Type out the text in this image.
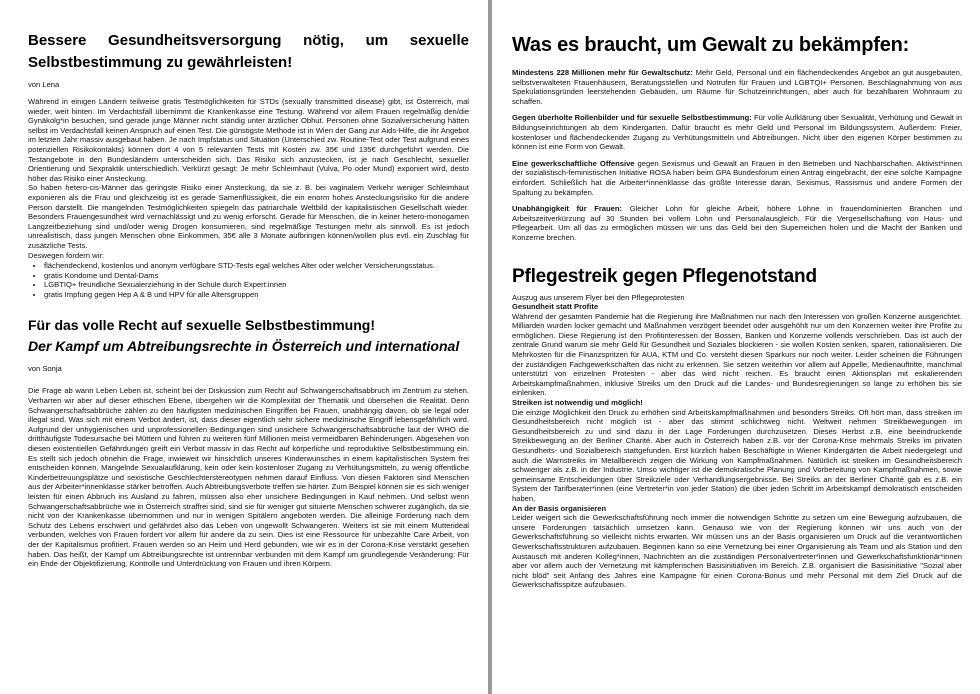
Bessere Gesundheitsversorgung nötig, um sexuelle
Selbstbestimmung zu gewährleisten!
von Lena

Während in einigen Ländern teilweise gratis Testmöglichkeiten für STDs (sexually transmitted disease) gibt, ist Österreich, mal wieder, weit hinten. Im Verdachtsfall übernimmt die Krankenkasse eine Testung. Während vor allem Frauen regelmäßig den/die Gynäkolg*in besuchen, sind gerade junge Männer nicht ständig unter ärztlicher Obhut. Personen ohne Sozialversicherung hätten selbst im Verdachtsfall keinen Anspruch auf einen Test. Die günstigste Methode ist in Wien der Gang zur Aids-Hilfe, die ihr Angebot im letzten Jahr massiv ausgebaut haben. Je nach Impfstatus und Situation (Unterschied zw. Routine-Test oder Test aufgrund eines potenziellen Risikokontakts) können dort 4 von 5 relevanten Tests mit Kosten zw. 35€ und 135€ durchgeführt werden. Die Testangebote in den Bundesländern unterscheiden sich. Das Risiko sich anzustecken, ist je nach Geschlecht, sexueller Orientierung und Sexpraktik unterschiedlich. Verkürzt gesagt: Je mehr Schleimhaut (Vulva, Po oder Mund) exponiert wird, desto höher das Risiko einer Ansteckung.

So haben hetero-cis-Männer das geringste Risiko einer Ansteckung, da sie z. B. bei vaginalem Verkehr weniger Schleimhaut exponieren als die Frau und gleichzeitig ist es gerade Samenflüssigkeit, die ein enorm hohes Ansteckungsrisiko für die andere Person darstellt. Die mangelnden Testmöglichkeiten spiegeln das patriarchale Weltbild der kapitalistischen Gesellschaft wieder. Besonders Frauengesundheit wird vernachlässigt und zu wenig erforscht. Gerade für Menschen, die in keiner hetero-monogamen Langzeitbeziehung sind und/oder wenig Drogen konsumieren, sind regelmäßige Testungen mehr als sinnvoll. Es ist jedoch unrealistisch, dass jungen Menschen ohne Einkommen, 35€ alle 3 Monate aufbringen können/wollen plus evtl. ein Zuschlag für zusätzliche Tests.

Deswegen fordern wir:

• flächendeckend, kostenlos und anonym verfügbare STD-Tests egal welches Alter oder welcher Versicherungsstatus.
• gratis Kondome und Dental-Dams
• LGBTIQ+ freundliche Sexualerziehung in der Schule durch Expert:innen
• gratis Impfung gegen Hep A & B und HPV für alle Altersgruppen
Für das volle Recht auf sexuelle Selbstbestimmung!
Der Kampf um Abtreibungsrechte in Österreich und international
von Sonja

Die Frage ab wann Leben Leben ist, scheint bei der Diskussion zum Recht auf Schwangerschaftsabbruch im Zentrum zu stehen. Verharren wir aber auf dieser ethischen Ebene, übergehen wir die Komplexität der Thematik und übersehen die Realität. Denn Schwangerschaftsabbrüche zählen zu den häufigsten medizinischen Eingriffen bei Frauen, unabhängig davon, ob sie legal oder illegal sind. Was sich mit einem Verbot ändert, ist, dass dieser eigentlich sehr sichere medizinische Eingriff lebensgefährlich wird. Aufgrund der unhygienischen und unprofessionellen Bedingungen sind unsichere Schwangerschaftsabbrüche laut der WHO die dritthäufigste Todesursache bei Müttern und führen zu weiteren fünf Millionen meist vermeidbaren Behinderungen. Abgesehen von diesen existentiellen Gefährdungen greift ein Verbot massiv in das Recht auf körperliche und reproduktive Selbstbestimmung ein. Es stellt sich jedoch ohnehin die Frage, inwieweit wir hinsichtlich unseres Kinderwunsches in einem kapitalistischen System frei entscheiden können. Mangelnde Sexualaufklärung, kein oder kein kostenloser Zugang zu Verhütungsmitteln, zu wenig öffentliche Kinderbetreuungsplätze und sexistische Geschlechterstereotypen nehmen darauf Einfluss. Von diesen Faktoren sind Menschen aus der Arbeiter*innenklasse stärker betroffen. Auch Abtreibungsverbote treffen sie härter. Zum Beispiel können sie es sich weniger leisten für einen Abbruch ins Ausland zu fahren, müssen also eher unsichere Bedingungen in Kauf nehmen. Und selbst wenn Schwangerschaftsabbrüche wie in Österreich straffrei sind, sind sie für weniger gut situierte Menschen schwerer zugänglich, da sie nicht von der Krankenkasse übernommen und nur in wenigen Spitälern angeboten werden. Die alleinige Forderung nach dem Schutz des Lebens erschwert und gefährdet also das Leben von ungewollt Schwangeren. Weiters ist sie mit einem Mutterideal verbunden, welches von Frauen fordert vor allem für andere da zu sein. Dies ist eine Ressource für unbezahlte Care Arbeit, von der der Kapitalismus profitiert. Frauen werden so an Heim und Herd gebunden, wie wir es in der Corona-Krise verstärkt gesehen haben. Das heißt, der Kampf um Abtreibungsrechte ist untrennbar verbunden mit dem Kampf um grundlegende Veränderung: Für ein Ende der Objektifizierung, Kontrolle und Unterdrückung von Frauen und ihren Körpern.

Was es braucht, um Gewalt zu bekämpfen:

Mindestens 228 Millionen mehr für Gewaltschutz: Mehr Geld, Personal und ein flächendeckendes Angebot an gut ausgebauten, selbstverwalteten Frauenhäusern, Beratungsstellen und Notrufen für Frauen und LGBTQI+ Personen. Beschlagnahmung von aus Spekulationsgründen leerstehenden Gebäuden, um Räume für Schutzeinrichtungen, aber auch für bezahlbaren Wohnraum zu schaffen.

Gegen überholte Rollenbilder und für sexuelle Selbstbestimmung: Für volle Aufklärung über Sexualität, Verhütung und Gewalt in Bildungseinrichtungen ab dem Kindergarten. Dafür braucht es mehr Geld und Personal im Bildungssystem. Außerdem: Freier, kostenloser und flächendeckender Zugang zu Verhütungsmitteln und Abtreibungen. Nicht über den eigenen Körper bestimmen zu können ist eine Form von Gewalt.

Eine gewerkschaftliche Offensive gegen Sexismus und Gewalt an Frauen in den Betrieben und Nachbarschaften. Aktivist*innen der sozialistisch-feministischen Initiative ROSA haben beim GPA Bundesforum einen Antrag eingebracht, der eine solche Kampagne einfordert. Schließlich hat die Arbeiter*innenklasse das größte Interesse daran, Sexismus, Rassismus und andere Formen der Spaltung zu bekämpfen.

Unabhängigkeit für Frauen: Gleicher Lohn für gleiche Arbeit, höhere Löhne in frauendominierten Branchen und Arbeitszeitverkürzung auf 30 Stunden bei vollem Lohn und Personalausgleich. Für die Vergesellschaftung von Haus- und Pflegearbeit. Um all das zu ermöglichen müssen wir uns das Geld bei den Superreichen holen und die Macht der Banken und Konzerne brechen.

Pflegestreik gegen Pflegenotstand

Auszug aus unserem Flyer bei den Pflegeprotesten

Gesundheit statt Profite

Während der gesamten Pandemie hat die Regierung ihre Maßnahmen nur nach den Interessen von großen Konzerne ausgerichtet. Milliarden wurden locker gemacht und Maßnahmen verzögert beendet oder ausgehöhlt nur um den Konzernen weiter ihre Profite zu ermöglichen. Diese Regierung ist den Profitinteressen der Bossen, Banken und Konzerne vollends verschrieben. Das ist auch der zentrale Grund warum sie mehr Geld für Gesundheit und Soziales blockieren - sie wollen Kosten senken, sparen, rationalisieren. Die Mehrkosten für die Finanzspritzen für AUA, KTM und Co. versteht diesen Sparkurs nur noch weiter. Leider scheinen die Führungen der zuständigen Fachgewerkschaften das nicht zu erkennen. Sie setzen weiterhin vor allem auf Appelle, Medienauftritte, manchmal unterstützt von einzelnen Protesten - aber das wird nicht reichen. Es braucht einen Aktionsplan mit eskalierenden Arbeitskampfmaßnahmen, inklusive Streiks um den Druck auf die Landes- und Bundesregierungen so lange zu erhöhen bis sie einlenken.

Streiken ist notwendig und möglich!

Die einzige Möglichkeit den Druck zu erhöhen sind Arbeitskampfmaßnahmen und besonders Streiks. Oft hört man, dass streiken im Gesundheitsbereich nicht möglich ist - aber das stimmt schlichtweg nicht. Weltweit nehmen Streikbewegungen im Gesundheitsbereich zu und sind dazu in der Lage Forderungen durchzusetzen. Dieses Herbst z.B. eine beeindruckende Streikbewegung an der Berliner Charité. Aber auch in Österreich haben z.B. vor der Corona-Krise mehrmals Streiks im privaten Gesundheits- und Sozialbereich stattgefunden. Erst kürzlich haben Beschäftigte in Wiener Kindergärten die Arbeit niedergelegt und auch die Warnstreiks im Metallbereich zeigen die Wirkung von Kampfmaßnahmen. Natürlich ist streiken im Gesundheitsbereich schwieriger als z.B. in der Industrie. Umso wichtiger ist die demokratische Planung und Vorbereitung von Kampfmaßnahmen, sowie gemeinsame Entscheidungen über Streikziele oder Verhandlungsergebnisse. Bei Streiks an der Berliner Charité gab es z.B. ein System der Tarifberater*innen (eine Vertreter*in von jeder Station) die über jeden Schritt im Arbeitskampf demokratisch entscheiden haben.

An der Basis organisieren

Leider weigert sich die Gewerkschaftsführung noch immer die notwendigen Schritte zu setzen um eine Bewegung aufzubauen, die unsere Forderungen tatsächlich umsetzen kann. Genauso wie von der Regierung können wir uns auch von der Gewerkschaftsführung so vielleicht nichts erwarten. Wir müssen uns an der Basis organisieren um Druck auf die verantwortlichen Gewerkschaftsstrukturen aufzubauen. Beginnen kann so eine Vernetzung bei einer Organisierung als Team und als Station und den Austausch mit anderen Kolleg*innen, Nachrichten an die zuständigen Personalvertreter*innen und Gewerkschaftsfunktionär*innen aber vor allem auch der Vernetzung mit kämpferischen Basisinitiativen im Bereich. Z.B. organisiert die Basisinitiative "Sozial aber nicht blöd" seit Anfang des Jahres eine Kampagne für einen Corona-Bonus und mehr Personal mit dem Ziel Druck auf die Gewerkschaftsspitze aufzubauen.
